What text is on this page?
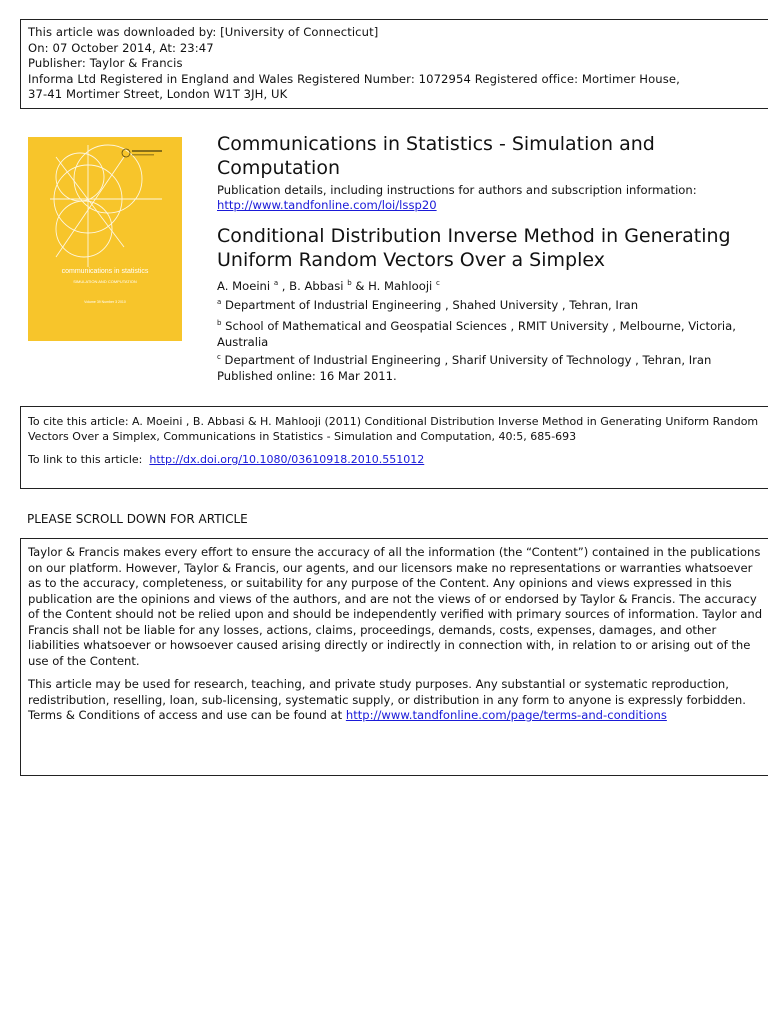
This article was downloaded by: [University of Connecticut]
On: 07 October 2014, At: 23:47
Publisher: Taylor & Francis
Informa Ltd Registered in England and Wales Registered Number: 1072954 Registered office: Mortimer House,
37-41 Mortimer Street, London W1T 3JH, UK
communications in statistics
SIMULATION AND COMPUTATION
Volume 39 Number 3 2010
Communications in Statistics - Simulation and Computation
Publication details, including instructions for authors and subscription information:
http://www.tandfonline.com/loi/lssp20
Conditional Distribution Inverse Method in Generating Uniform Random Vectors Over a Simplex
A. Moeini $^a$ , B. Abbasi $^b$ & H. Mahlooji $^c$
$^a$ Department of Industrial Engineering , Shahed University , Tehran, Iran
$^b$ School of Mathematical and Geospatial Sciences , RMIT University , Melbourne, Victoria, Australia
$^c$ Department of Industrial Engineering , Sharif University of Technology , Tehran, Iran
Published online: 16 Mar 2011.
To cite this article: A. Moeini , B. Abbasi & H. Mahlooji (2011) Conditional Distribution Inverse Method in Generating Uniform Random Vectors Over a Simplex, Communications in Statistics - Simulation and Computation, 40:5, 685-693
To link to this article: http://dx.doi.org/10.1080/03610918.2010.551012
PLEASE SCROLL DOWN FOR ARTICLE

Taylor & Francis makes every effort to ensure the accuracy of all the information (the “Content”) contained in the publications on our platform. However, Taylor & Francis, our agents, and our licensors make no representations or warranties whatsoever as to the accuracy, completeness, or suitability for any purpose of the Content. Any opinions and views expressed in this publication are the opinions and views of the authors, and are not the views of or endorsed by Taylor & Francis. The accuracy of the Content should not be relied upon and should be independently verified with primary sources of information. Taylor and Francis shall not be liable for any losses, actions, claims, proceedings, demands, costs, expenses, damages, and other liabilities whatsoever or howsoever caused arising directly or indirectly in connection with, in relation to or arising out of the use of the Content.

This article may be used for research, teaching, and private study purposes. Any substantial or systematic reproduction, redistribution, reselling, loan, sub-licensing, systematic supply, or distribution in any form to anyone is expressly forbidden. Terms & Conditions of access and use can be found at http://www.tandfonline.com/page/terms-and-conditions
